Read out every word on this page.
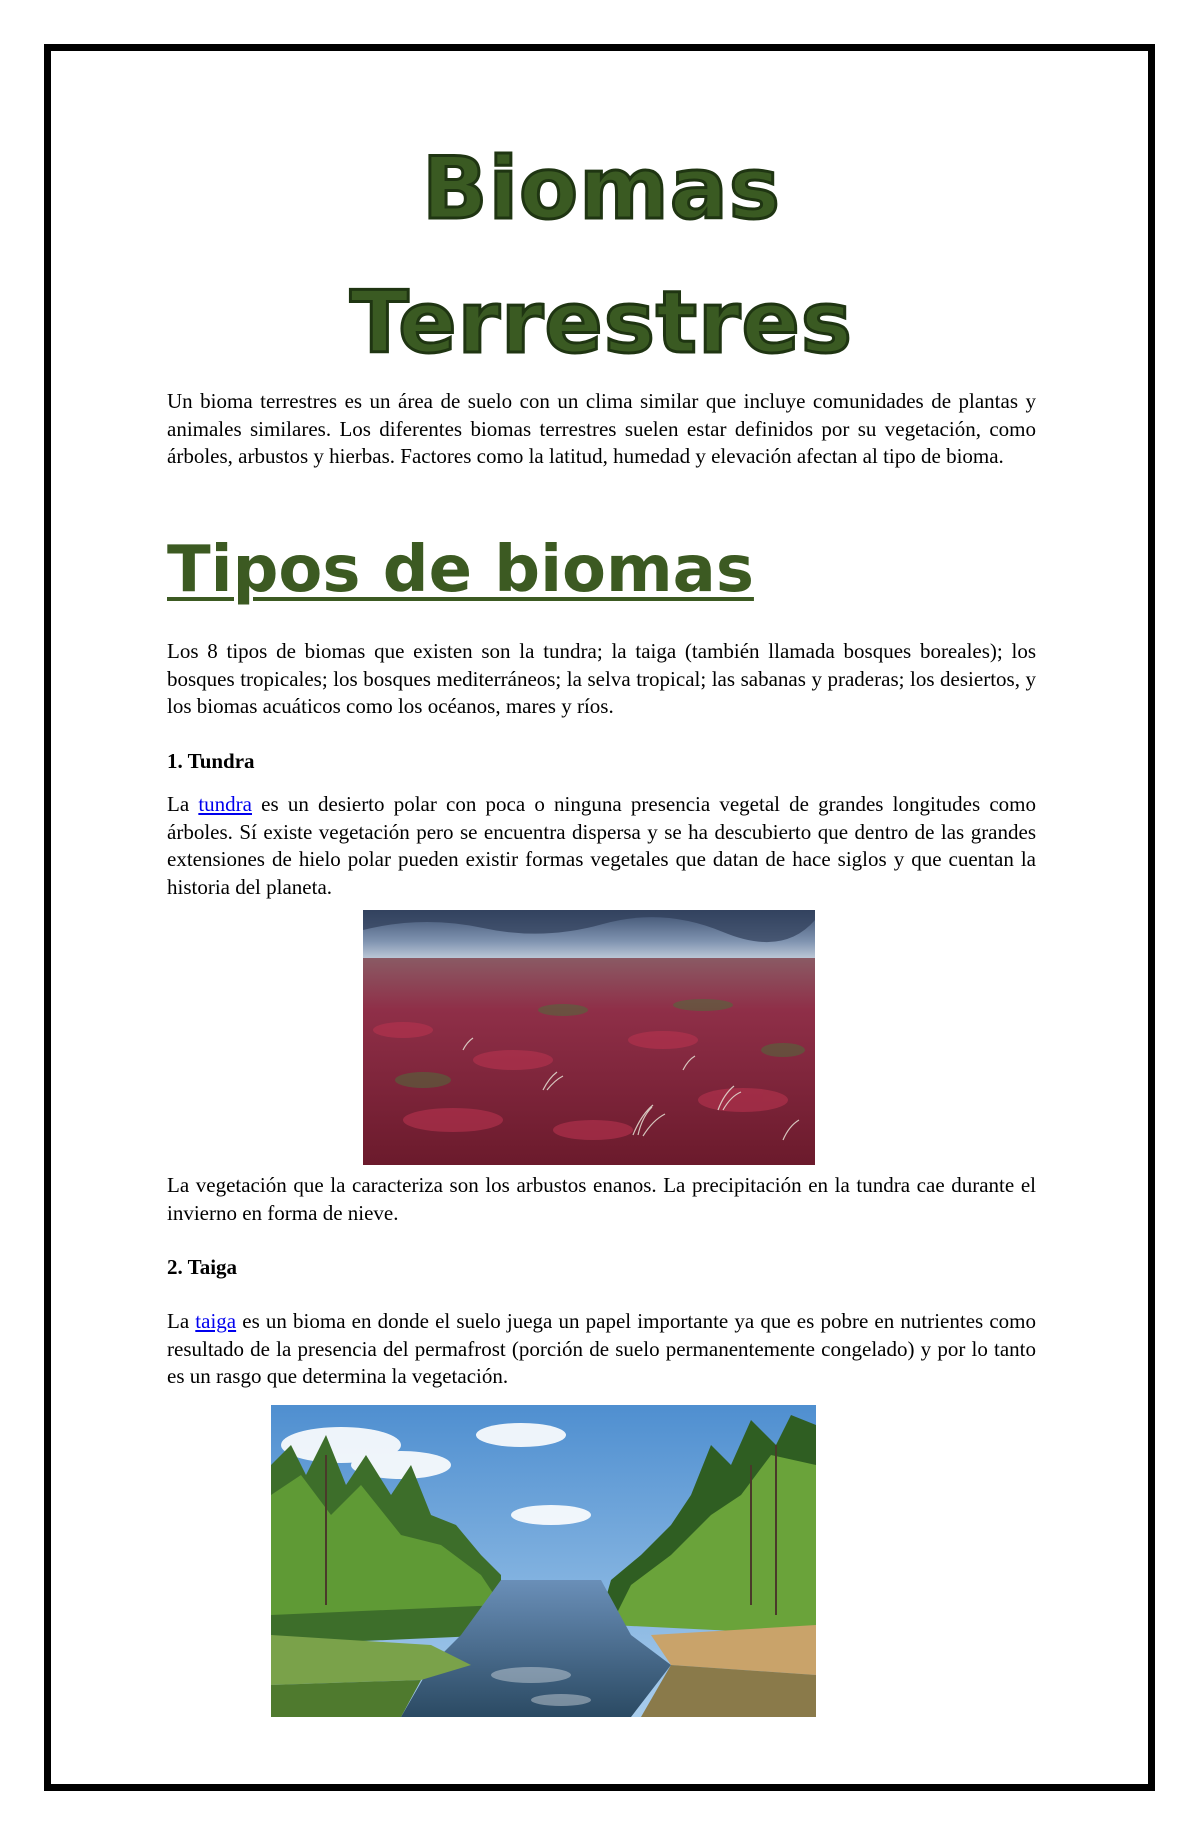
Biomas
Terrestres

Un bioma terrestres es un área de suelo con un clima similar que incluye comunidades de plantas y animales similares. Los diferentes biomas terrestres suelen estar definidos por su vegetación, como árboles, arbustos y hierbas. Factores como la latitud, humedad y elevación afectan al tipo de bioma.

Tipos de biomas

Los 8 tipos de biomas que existen son la tundra; la taiga (también llamada bosques boreales); los bosques tropicales; los bosques mediterráneos; la selva tropical; las sabanas y praderas; los desiertos, y los biomas acuáticos como los océanos, mares y ríos.

1. Tundra

La tundra es un desierto polar con poca o ninguna presencia vegetal de grandes longitudes como árboles. Sí existe vegetación pero se encuentra dispersa y se ha descubierto que dentro de las grandes extensiones de hielo polar pueden existir formas vegetales que datan de hace siglos y que cuentan la historia del planeta.

La vegetación que la caracteriza son los arbustos enanos. La precipitación en la tundra cae durante el invierno en forma de nieve.

2. Taiga

La taiga es un bioma en donde el suelo juega un papel importante ya que es pobre en nutrientes como resultado de la presencia del permafrost (porción de suelo permanentemente congelado) y por lo tanto es un rasgo que determina la vegetación.
